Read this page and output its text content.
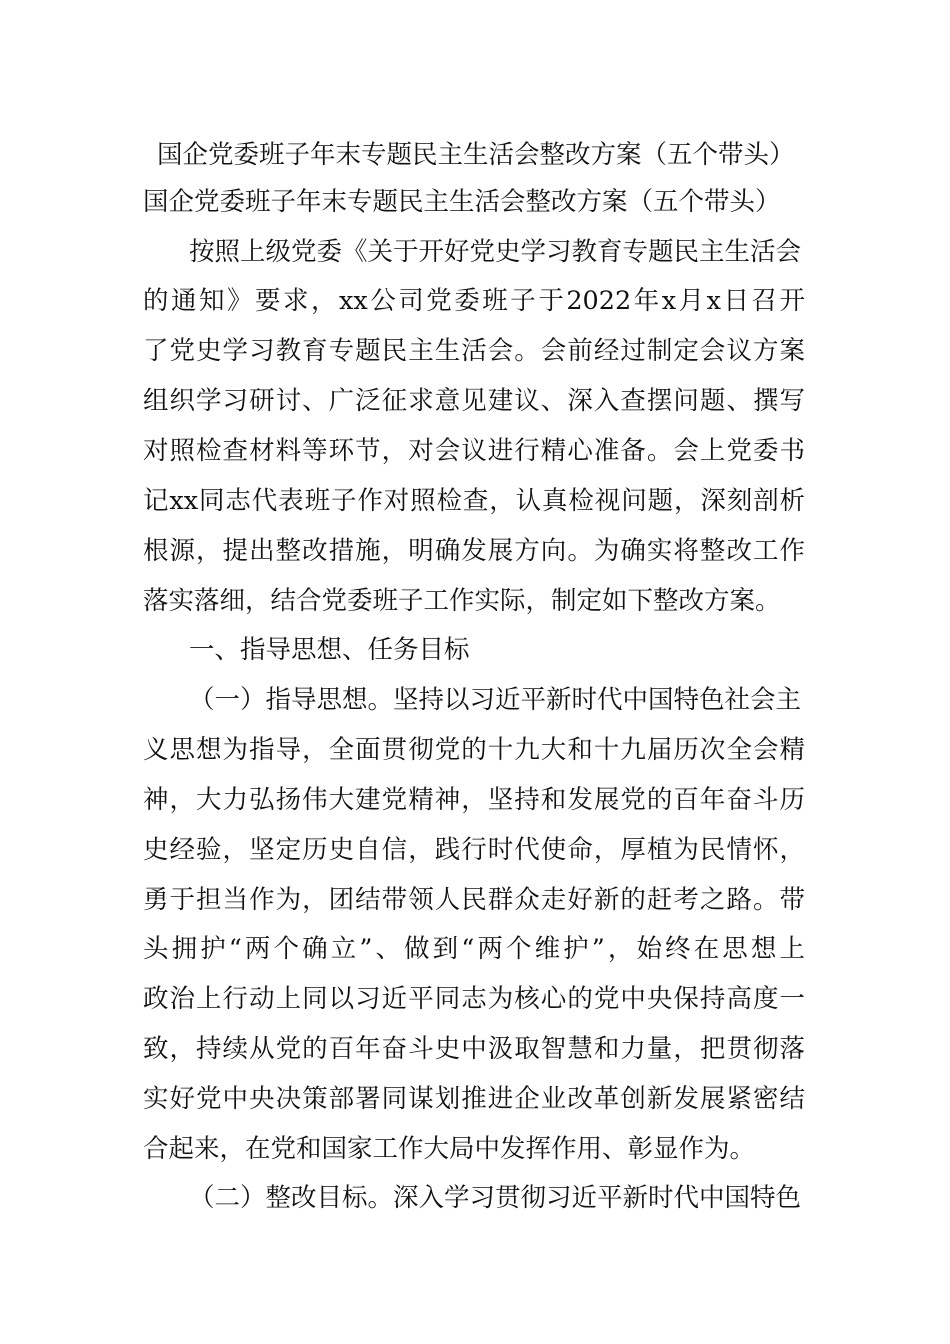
国企党委班子年末专题民主生活会整改方案（五个带头）
国企党委班子年末专题民主生活会整改方案（五个带头）
按照上级党委《关于开好党史学习教育专题民主生活会
的通知》要求，xx公司党委班子于2022年x月x日召开
了党史学习教育专题民主生活会。会前经过制定会议方案
组织学习研讨、广泛征求意见建议、深入查摆问题、撰写
对照检查材料等环节，对会议进行精心准备。会上党委书
记xx同志代表班子作对照检查，认真检视问题，深刻剖析
根源，提出整改措施，明确发展方向。为确实将整改工作
落实落细，结合党委班子工作实际，制定如下整改方案。
一、指导思想、任务目标
（一）指导思想。坚持以习近平新时代中国特色社会主
义思想为指导，全面贯彻党的十九大和十九届历次全会精
神，大力弘扬伟大建党精神，坚持和发展党的百年奋斗历
史经验，坚定历史自信，践行时代使命，厚植为民情怀，
勇于担当作为，团结带领人民群众走好新的赶考之路。带
头拥护“两个确立”、做到“两个维护”，始终在思想上
政治上行动上同以习近平同志为核心的党中央保持高度一
致，持续从党的百年奋斗史中汲取智慧和力量，把贯彻落
实好党中央决策部署同谋划推进企业改革创新发展紧密结
合起来，在党和国家工作大局中发挥作用、彰显作为。
（二）整改目标。深入学习贯彻习近平新时代中国特色
